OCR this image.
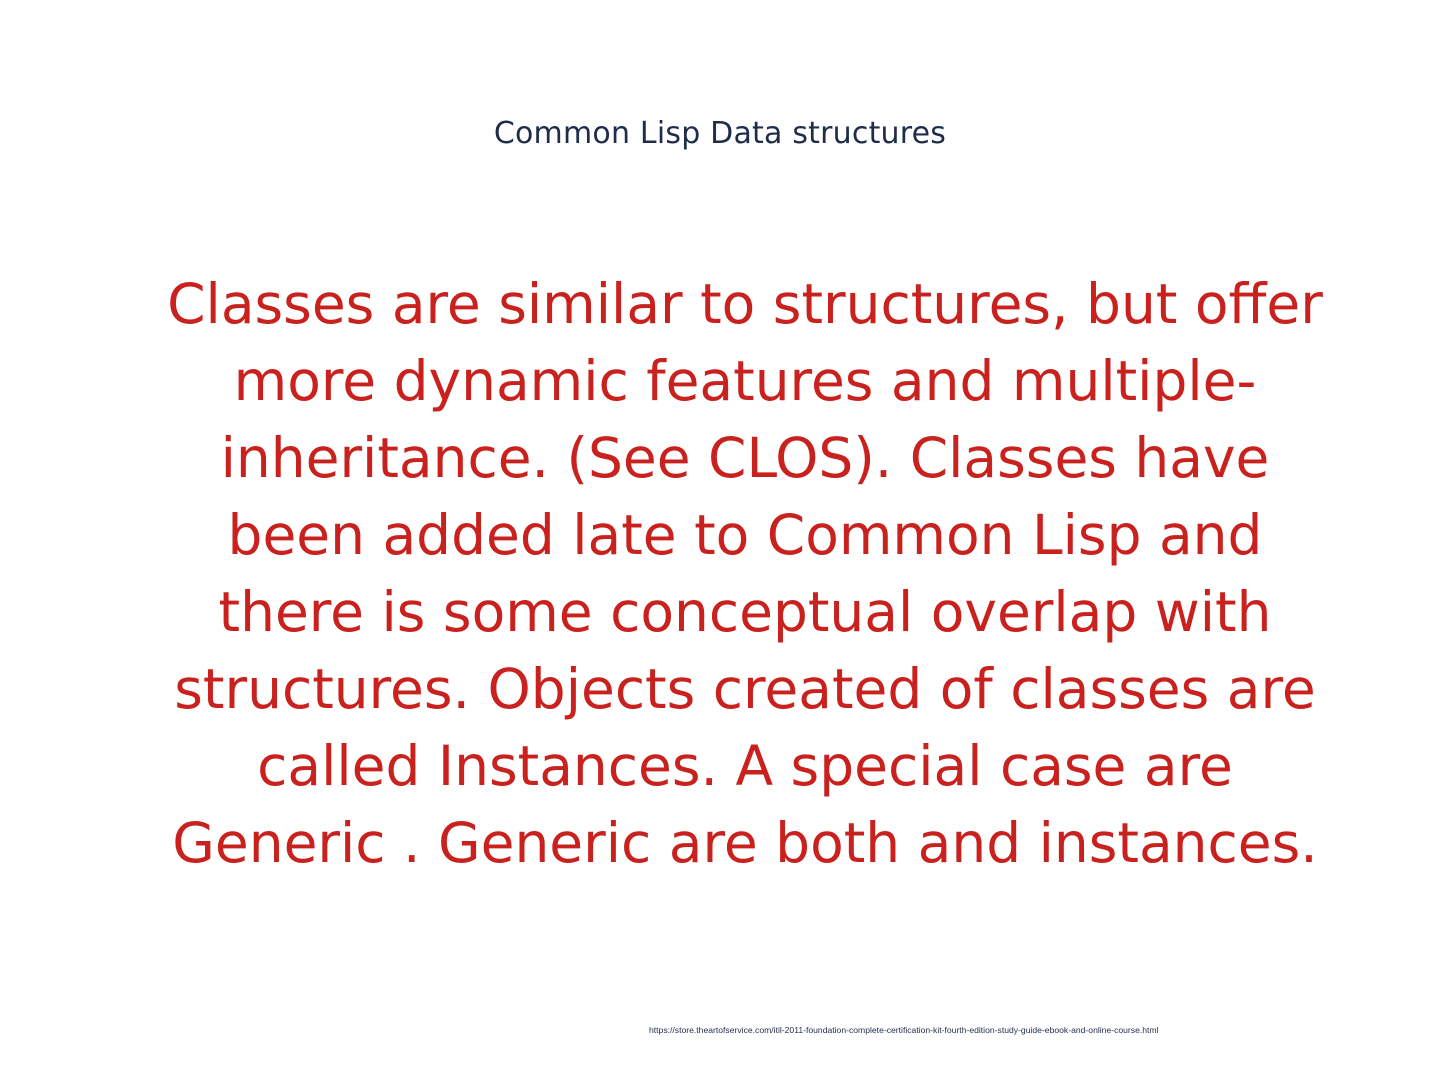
Common Lisp Data structures
Classes are similar to structures, but offer
more dynamic features and multiple-
inheritance. (See CLOS). Classes have
been added late to Common Lisp and
there is some conceptual overlap with
structures. Objects created of classes are
called Instances. A special case are
Generic . Generic are both and instances.
https://store.theartofservice.com/itil-2011-foundation-complete-certification-kit-fourth-edition-study-guide-ebook-and-online-course.html
